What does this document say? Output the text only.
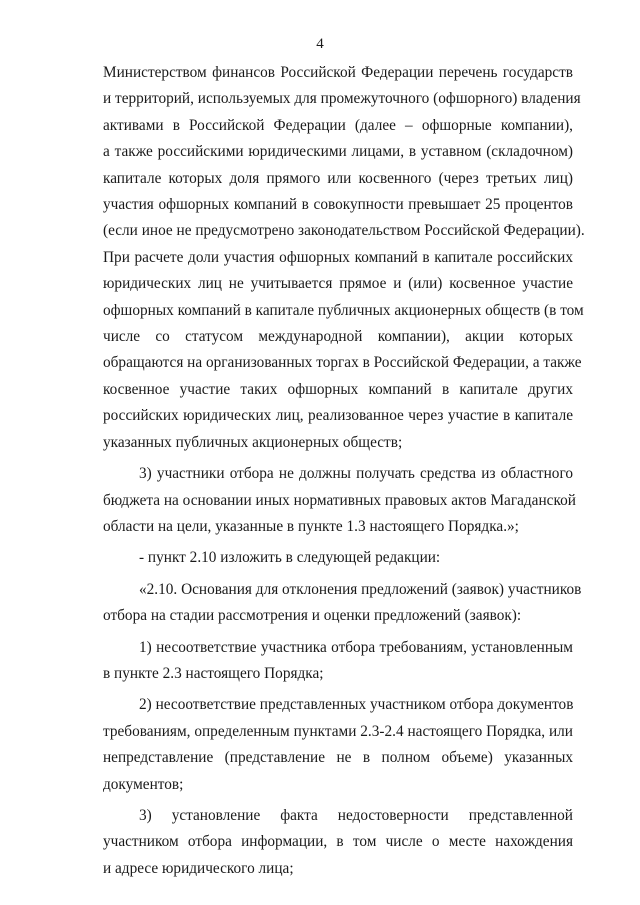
4

Министерством финансов Российской Федерации перечень государств
и территорий, используемых для промежуточного (офшорного) владения
активами в Российской Федерации (далее – офшорные компании),
а также российскими юридическими лицами, в уставном (складочном)
капитале которых доля прямого или косвенного (через третьих лиц)
участия офшорных компаний в совокупности превышает 25 процентов
(если иное не предусмотрено законодательством Российской Федерации).
При расчете доли участия офшорных компаний в капитале российских
юридических лиц не учитывается прямое и (или) косвенное участие
офшорных компаний в капитале публичных акционерных обществ (в том
числе со статусом международной компании), акции которых
обращаются на организованных торгах в Российской Федерации, а также
косвенное участие таких офшорных компаний в капитале других
российских юридических лиц, реализованное через участие в капитале
указанных публичных акционерных обществ;

3) участники отбора не должны получать средства из областного
бюджета на основании иных нормативных правовых актов Магаданской
области на цели, указанные в пункте 1.3 настоящего Порядка.»;

- пункт 2.10 изложить в следующей редакции:

«2.10. Основания для отклонения предложений (заявок) участников
отбора на стадии рассмотрения и оценки предложений (заявок):

1) несоответствие участника отбора требованиям, установленным
в пункте 2.3 настоящего Порядка;

2) несоответствие представленных участником отбора документов
требованиям, определенным пунктами 2.3-2.4 настоящего Порядка, или
непредставление (представление не в полном объеме) указанных
документов;

3) установление факта недостоверности представленной
участником отбора информации, в том числе о месте нахождения
и адресе юридического лица;
